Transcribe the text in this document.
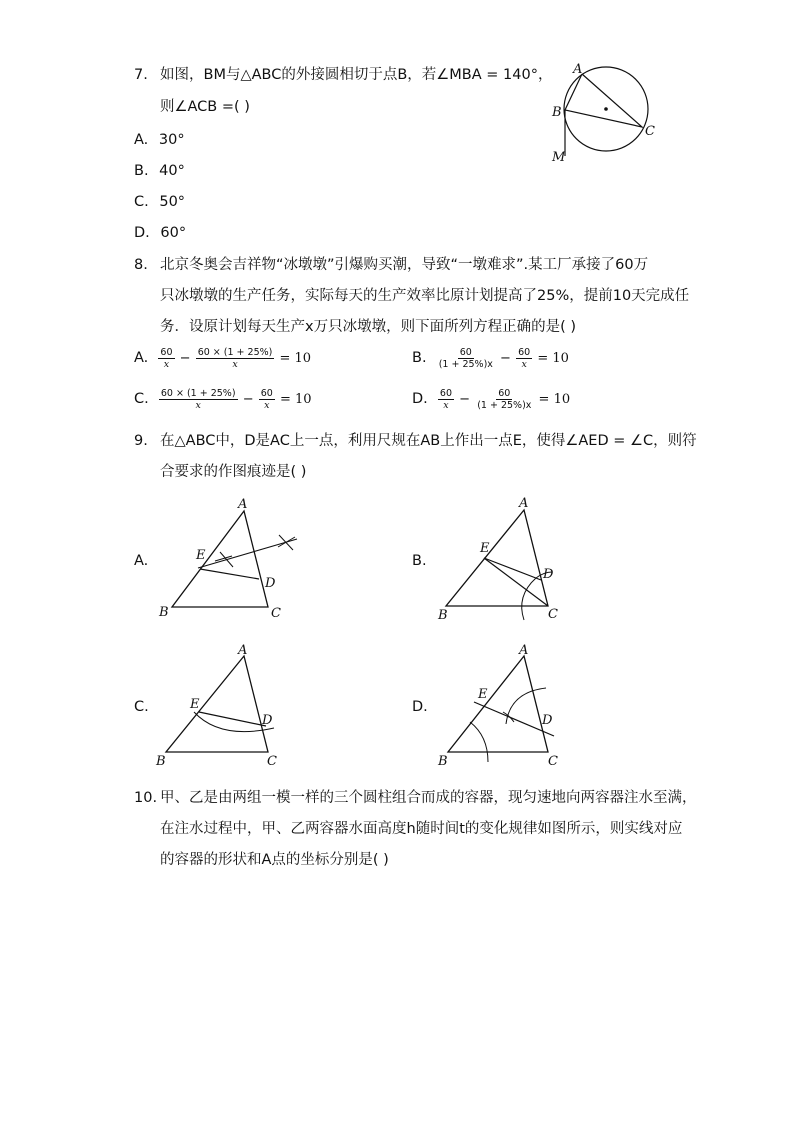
7. 如图，BM与△ABC的外接圆相切于点B，若∠MBA = 140°，
则∠ACB =( )
A. 30°
B. 40°
C. 50°
D. 60°
A
B
C
M
8. 北京冬奥会吉祥物“冰墩墩”引爆购买潮，导致“一墩难求”.某工厂承接了60万
只冰墩墩的生产任务，实际每天的生产效率比原计划提高了25%，提前10天完成任
务．设原计划每天生产x万只冰墩墩，则下面所列方程正确的是( )
A. $\frac{60}{x} - \frac{60 \times (1 + 25\%)}{x} = 10$	B. $\frac{60}{(1 + 25\%)x} - \frac{60}{x} = 10$
C. $\frac{60 \times (1 + 25\%)}{x} - \frac{60}{x} = 10$	D. $\frac{60}{x} - \frac{60}{(1 + 25\%)x} = 10$
9. 在△ABC中，D是AC上一点，利用尺规在AB上作出一点E，使得∠AED = ∠C，则符
合要求的作图痕迹是( )
A.
A
E
D
B	C
B.
A
E
D
B	C
C.
A
E
D
B	C
D.
A
E
D
B	C
10. 甲、乙是由两组一模一样的三个圆柱组合而成的容器，现匀速地向两容器注水至满，
在注水过程中，甲、乙两容器水面高度h随时间t的变化规律如图所示，则实线对应
的容器的形状和A点的坐标分别是( )
